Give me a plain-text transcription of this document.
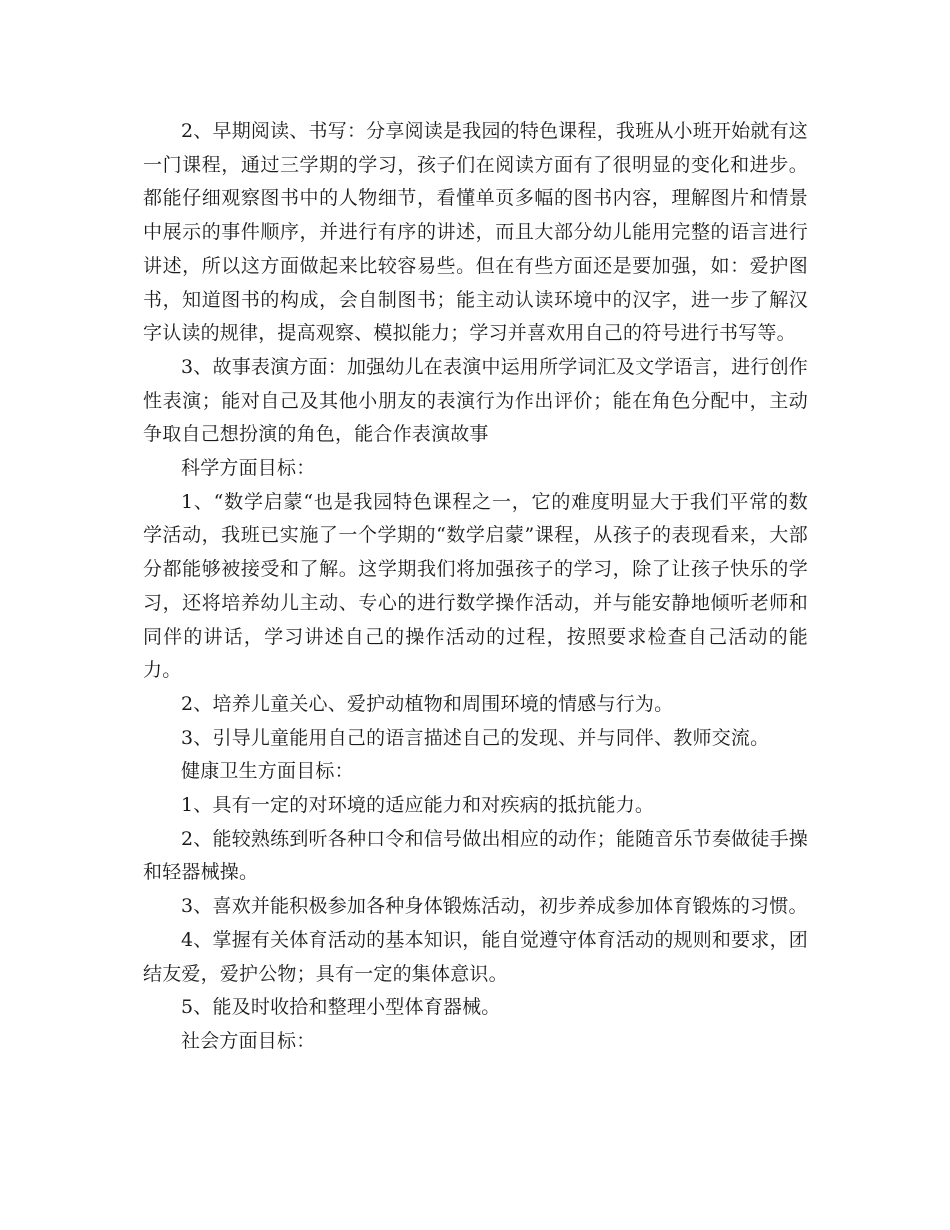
2、早期阅读、书写：分享阅读是我园的特色课程，我班从小班开始就有这一门课程，通过三学期的学习，孩子们在阅读方面有了很明显的变化和进步。都能仔细观察图书中的人物细节，看懂单页多幅的图书内容，理解图片和情景中展示的事件顺序，并进行有序的讲述，而且大部分幼儿能用完整的语言进行讲述，所以这方面做起来比较容易些。但在有些方面还是要加强，如：爱护图书，知道图书的构成，会自制图书；能主动认读环境中的汉字，进一步了解汉字认读的规律，提高观察、模拟能力；学习并喜欢用自己的符号进行书写等。

3、故事表演方面：加强幼儿在表演中运用所学词汇及文学语言，进行创作性表演；能对自己及其他小朋友的表演行为作出评价；能在角色分配中，主动争取自己想扮演的角色，能合作表演故事

科学方面目标：

1、“数学启蒙“也是我园特色课程之一，它的难度明显大于我们平常的数学活动，我班已实施了一个学期的“数学启蒙”课程，从孩子的表现看来，大部分都能够被接受和了解。这学期我们将加强孩子的学习，除了让孩子快乐的学习，还将培养幼儿主动、专心的进行数学操作活动，并与能安静地倾听老师和同伴的讲话，学习讲述自己的操作活动的过程，按照要求检查自己活动的能力。

2、培养儿童关心、爱护动植物和周围环境的情感与行为。

3、引导儿童能用自己的语言描述自己的发现、并与同伴、教师交流。

健康卫生方面目标：

1、具有一定的对环境的适应能力和对疾病的抵抗能力。

2、能较熟练到听各种口令和信号做出相应的动作；能随音乐节奏做徒手操和轻器械操。

3、喜欢并能积极参加各种身体锻炼活动，初步养成参加体育锻炼的习惯。

4、掌握有关体育活动的基本知识，能自觉遵守体育活动的规则和要求，团结友爱，爱护公物；具有一定的集体意识。

5、能及时收拾和整理小型体育器械。

社会方面目标：
